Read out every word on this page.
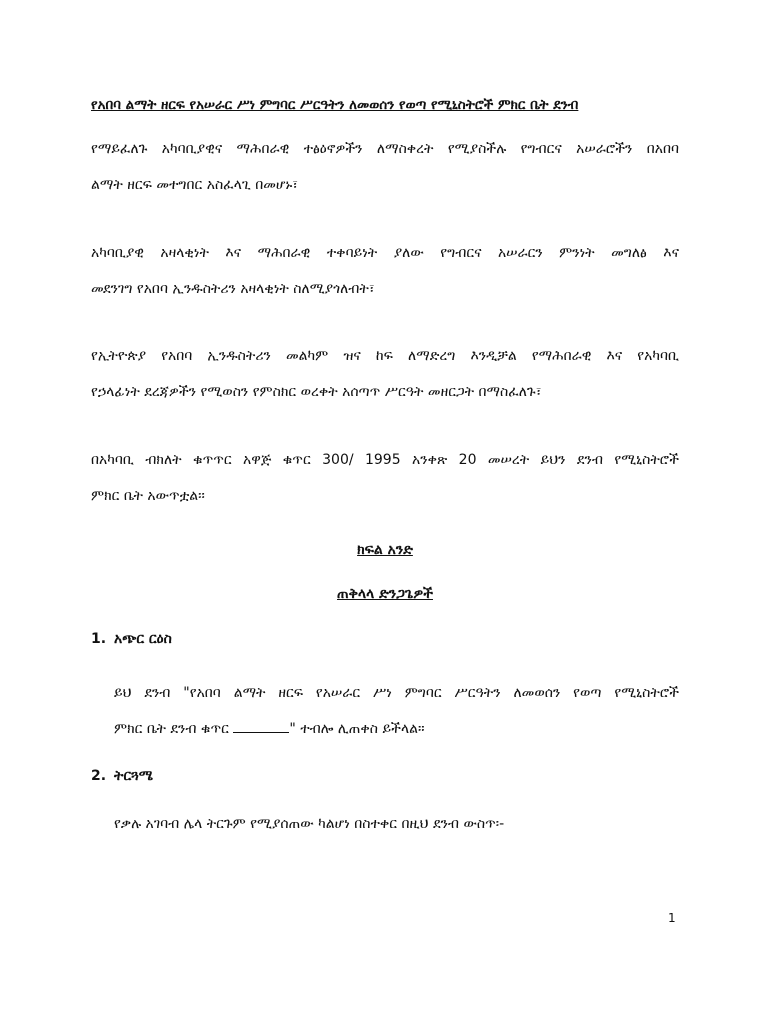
የአበባ ልማት ዘርፍ የአሠራር ሥነ ምግባር ሥርዓትን ለመወሰን የወጣ የሚኒስትሮች ምክር ቤት ደንብ
የማይፈለጉ አካባቢያዊና ማሕበራዊ ተፅዕኖዎችን ለማስቀረት የሚያስችሉ የግብርና አሠራሮችን በአበባ
ልማት ዘርፍ መተግበር አስፈላጊ በመሆኑ፣
አካባቢያዊ አዛላቂነት እና ማሕበራዊ ተቀባይነት ያለው የግብርና አሠራርን ምንነት መግለፅ እና
መደንገግ የአበባ ኢንዱስትሪን አዛላቂነት ስለሚያጎለብት፣
የኢትዮጵያ የአበባ ኢንዱስትሪን መልካም ዝና ከፍ ለማድረግ እንዲቻል የማሕበራዊ እና የአካባቢ
የኃላፊነት ደረጃዎችን የሚወስን የምስክር ወረቀት አሰጣጥ ሥርዓት መዘርጋት በማስፈለጉ፣
በአካባቢ ብክለት ቁጥጥር አዋጅ ቁጥር 300/ 1995 አንቀጽ 20 መሠረት ይህን ደንብ የሚኒስትሮች
ምክር ቤት አውጥቷል፡፡
ክፍል አንድ
ጠቅላላ ድንጋጌዎች
1. አጭር ርዕስ
ይህ ደንብ "የአበባ ልማት ዘርፍ የአሠራር ሥነ ምግባር ሥርዓትን ለመወሰን የወጣ የሚኒስትሮች
ምክር ቤት ደንብ ቁጥር	" ተብሎ ሊጠቀስ ይችላል።
2. ትርጓሜ
የቃሉ አገባብ ሌላ ትርጉም የሚያሰጠው ካልሆነ በስተቀር በዚህ ደንብ ውስጥ፡-
1
